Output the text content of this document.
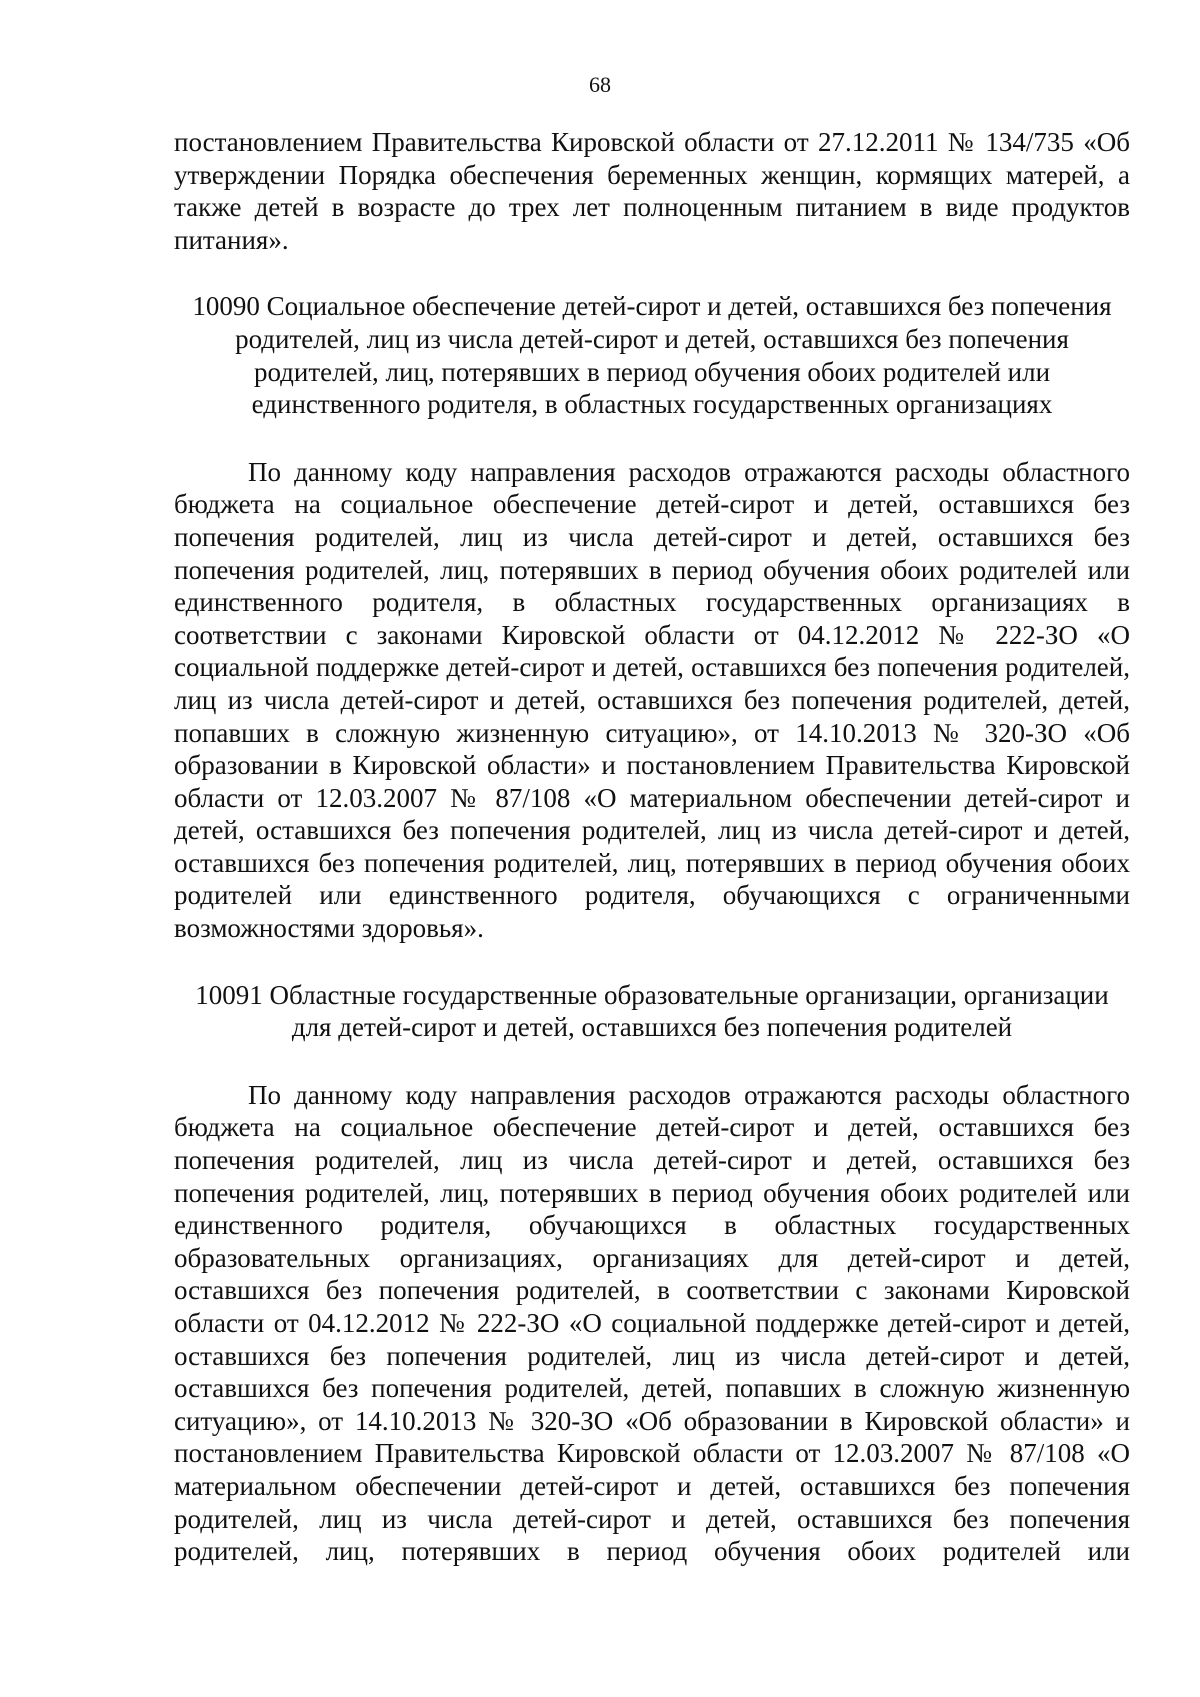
68

постановлением Правительства Кировской области от 27.12.2011 № 134/735 «Об утверждении Порядка обеспечения беременных женщин, кормящих матерей, а также детей в возрасте до трех лет полноценным питанием в виде продуктов питания».

10090 Социальное обеспечение детей-сирот и детей, оставшихся без попечения родителей, лиц из числа детей-сирот и детей, оставшихся без попечения родителей, лиц, потерявших в период обучения обоих родителей или единственного родителя, в областных государственных организациях

По данному коду направления расходов отражаются расходы областного бюджета на социальное обеспечение детей-сирот и детей, оставшихся без попечения родителей, лиц из числа детей-сирот и детей, оставшихся без попечения родителей, лиц, потерявших в период обучения обоих родителей или единственного родителя, в областных государственных организациях в соответствии с законами Кировской области от 04.12.2012 № 222-ЗО «О социальной поддержке детей-сирот и детей, оставшихся без попечения родителей, лиц из числа детей-сирот и детей, оставшихся без попечения родителей, детей, попавших в сложную жизненную ситуацию», от 14.10.2013 № 320-ЗО «Об образовании в Кировской области» и постановлением Правительства Кировской области от 12.03.2007 № 87/108 «О материальном обеспечении детей-сирот и детей, оставшихся без попечения родителей, лиц из числа детей-сирот и детей, оставшихся без попечения родителей, лиц, потерявших в период обучения обоих родителей или единственного родителя, обучающихся с ограниченными возможностями здоровья».

10091 Областные государственные образовательные организации, организации для детей-сирот и детей, оставшихся без попечения родителей

По данному коду направления расходов отражаются расходы областного бюджета на социальное обеспечение детей-сирот и детей, оставшихся без попечения родителей, лиц из числа детей-сирот и детей, оставшихся без попечения родителей, лиц, потерявших в период обучения обоих родителей или единственного родителя, обучающихся в областных государственных образовательных организациях, организациях для детей-сирот и детей, оставшихся без попечения родителей, в соответствии с законами Кировской области от 04.12.2012 № 222-ЗО «О социальной поддержке детей-сирот и детей, оставшихся без попечения родителей, лиц из числа детей-сирот и детей, оставшихся без попечения родителей, детей, попавших в сложную жизненную ситуацию», от 14.10.2013 № 320-ЗО «Об образовании в Кировской области» и постановлением Правительства Кировской области от 12.03.2007 № 87/108 «О материальном обеспечении детей-сирот и детей, оставшихся без попечения родителей, лиц из числа детей-сирот и детей, оставшихся без попечения родителей, лиц, потерявших в период обучения обоих родителей или
